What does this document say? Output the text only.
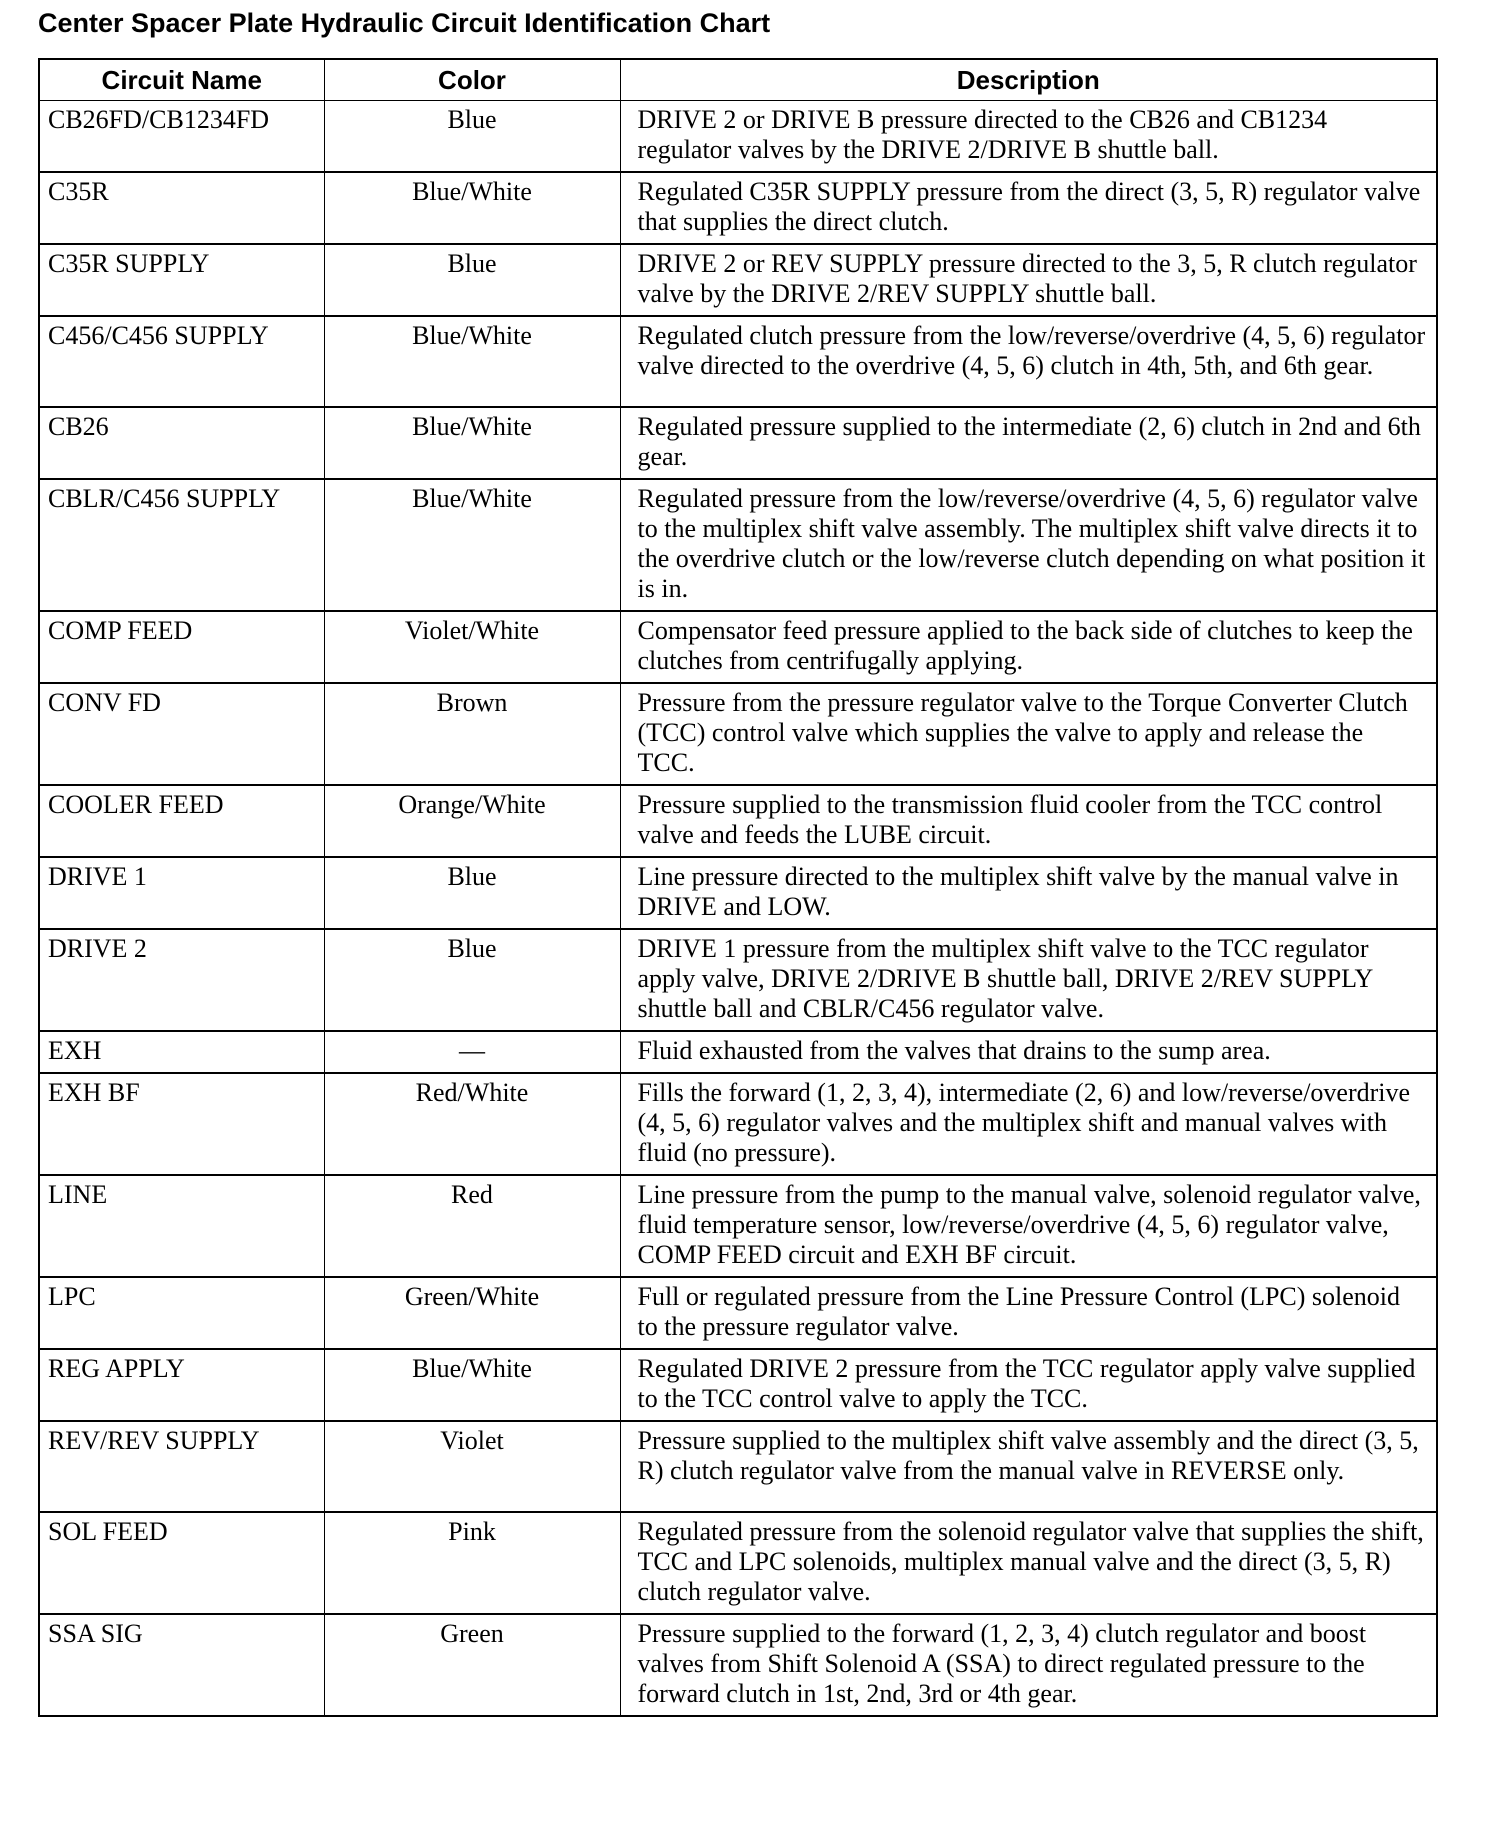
Center Spacer Plate Hydraulic Circuit Identification Chart
Circuit Name	Color	Description
CB26FD/CB1234FD	Blue	DRIVE 2 or DRIVE B pressure directed to the CB26 and CB1234 regulator valves by the DRIVE 2/DRIVE B shuttle ball.
C35R	Blue/White	Regulated C35R SUPPLY pressure from the direct (3, 5, R) regulator valve that supplies the direct clutch.
C35R SUPPLY	Blue	DRIVE 2 or REV SUPPLY pressure directed to the 3, 5, R clutch regulator valve by the DRIVE 2/REV SUPPLY shuttle ball.
C456/C456 SUPPLY	Blue/White	Regulated clutch pressure from the low/reverse/overdrive (4, 5, 6) regulator valve directed to the overdrive (4, 5, 6) clutch in 4th, 5th, and 6th gear.
CB26	Blue/White	Regulated pressure supplied to the intermediate (2, 6) clutch in 2nd and 6th gear.
CBLR/C456 SUPPLY	Blue/White	Regulated pressure from the low/reverse/overdrive (4, 5, 6) regulator valve to the multiplex shift valve assembly. The multiplex shift valve directs it to the overdrive clutch or the low/reverse clutch depending on what position it is in.
COMP FEED	Violet/White	Compensator feed pressure applied to the back side of clutches to keep the clutches from centrifugally applying.
CONV FD	Brown	Pressure from the pressure regulator valve to the Torque Converter Clutch (TCC) control valve which supplies the valve to apply and release the TCC.
COOLER FEED	Orange/White	Pressure supplied to the transmission fluid cooler from the TCC control valve and feeds the LUBE circuit.
DRIVE 1	Blue	Line pressure directed to the multiplex shift valve by the manual valve in DRIVE and LOW.
DRIVE 2	Blue	DRIVE 1 pressure from the multiplex shift valve to the TCC regulator apply valve, DRIVE 2/DRIVE B shuttle ball, DRIVE 2/REV SUPPLY shuttle ball and CBLR/C456 regulator valve.
EXH	—	Fluid exhausted from the valves that drains to the sump area.
EXH BF	Red/White	Fills the forward (1, 2, 3, 4), intermediate (2, 6) and low/reverse/overdrive (4, 5, 6) regulator valves and the multiplex shift and manual valves with fluid (no pressure).
LINE	Red	Line pressure from the pump to the manual valve, solenoid regulator valve, fluid temperature sensor, low/reverse/overdrive (4, 5, 6) regulator valve, COMP FEED circuit and EXH BF circuit.
LPC	Green/White	Full or regulated pressure from the Line Pressure Control (LPC) solenoid to the pressure regulator valve.
REG APPLY	Blue/White	Regulated DRIVE 2 pressure from the TCC regulator apply valve supplied to the TCC control valve to apply the TCC.
REV/REV SUPPLY	Violet	Pressure supplied to the multiplex shift valve assembly and the direct (3, 5, R) clutch regulator valve from the manual valve in REVERSE only.
SOL FEED	Pink	Regulated pressure from the solenoid regulator valve that supplies the shift, TCC and LPC solenoids, multiplex manual valve and the direct (3, 5, R) clutch regulator valve.
SSA SIG	Green	Pressure supplied to the forward (1, 2, 3, 4) clutch regulator and boost valves from Shift Solenoid A (SSA) to direct regulated pressure to the forward clutch in 1st, 2nd, 3rd or 4th gear.
